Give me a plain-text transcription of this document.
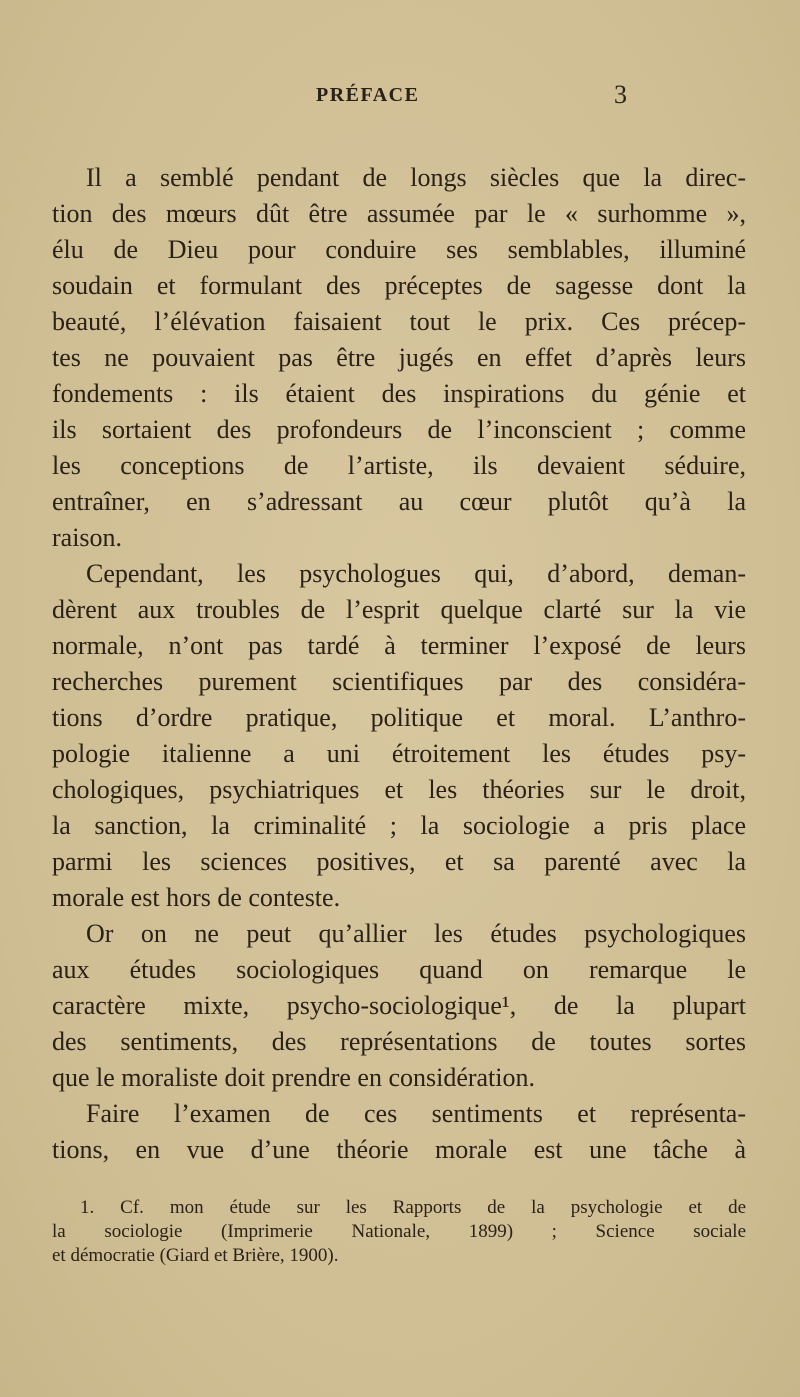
PRÉFACE	3
Il a semblé pendant de longs siècles que la direc-
tion des mœurs dût être assumée par le « surhomme »,
élu de Dieu pour conduire ses semblables, illuminé
soudain et formulant des préceptes de sagesse dont la
beauté, l’élévation faisaient tout le prix. Ces précep-
tes ne pouvaient pas être jugés en effet d’après leurs
fondements : ils étaient des inspirations du génie et
ils sortaient des profondeurs de l’inconscient ; comme
les conceptions de l’artiste, ils devaient séduire,
entraîner, en s’adressant au cœur plutôt qu’à la
raison.
Cependant, les psychologues qui, d’abord, deman-
dèrent aux troubles de l’esprit quelque clarté sur la vie
normale, n’ont pas tardé à terminer l’exposé de leurs
recherches purement scientifiques par des considéra-
tions d’ordre pratique, politique et moral. L’anthro-
pologie italienne a uni étroitement les études psy-
chologiques, psychiatriques et les théories sur le droit,
la sanction, la criminalité ; la sociologie a pris place
parmi les sciences positives, et sa parenté avec la
morale est hors de conteste.
Or on ne peut qu’allier les études psychologiques
aux études sociologiques quand on remarque le
caractère mixte, psycho-sociologique¹, de la plupart
des sentiments, des représentations de toutes sortes
que le moraliste doit prendre en considération.
Faire l’examen de ces sentiments et représenta-
tions, en vue d’une théorie morale est une tâche à
1. Cf. mon étude sur les Rapports de la psychologie et de
la sociologie (Imprimerie Nationale, 1899) ; Science sociale
et démocratie (Giard et Brière, 1900).
